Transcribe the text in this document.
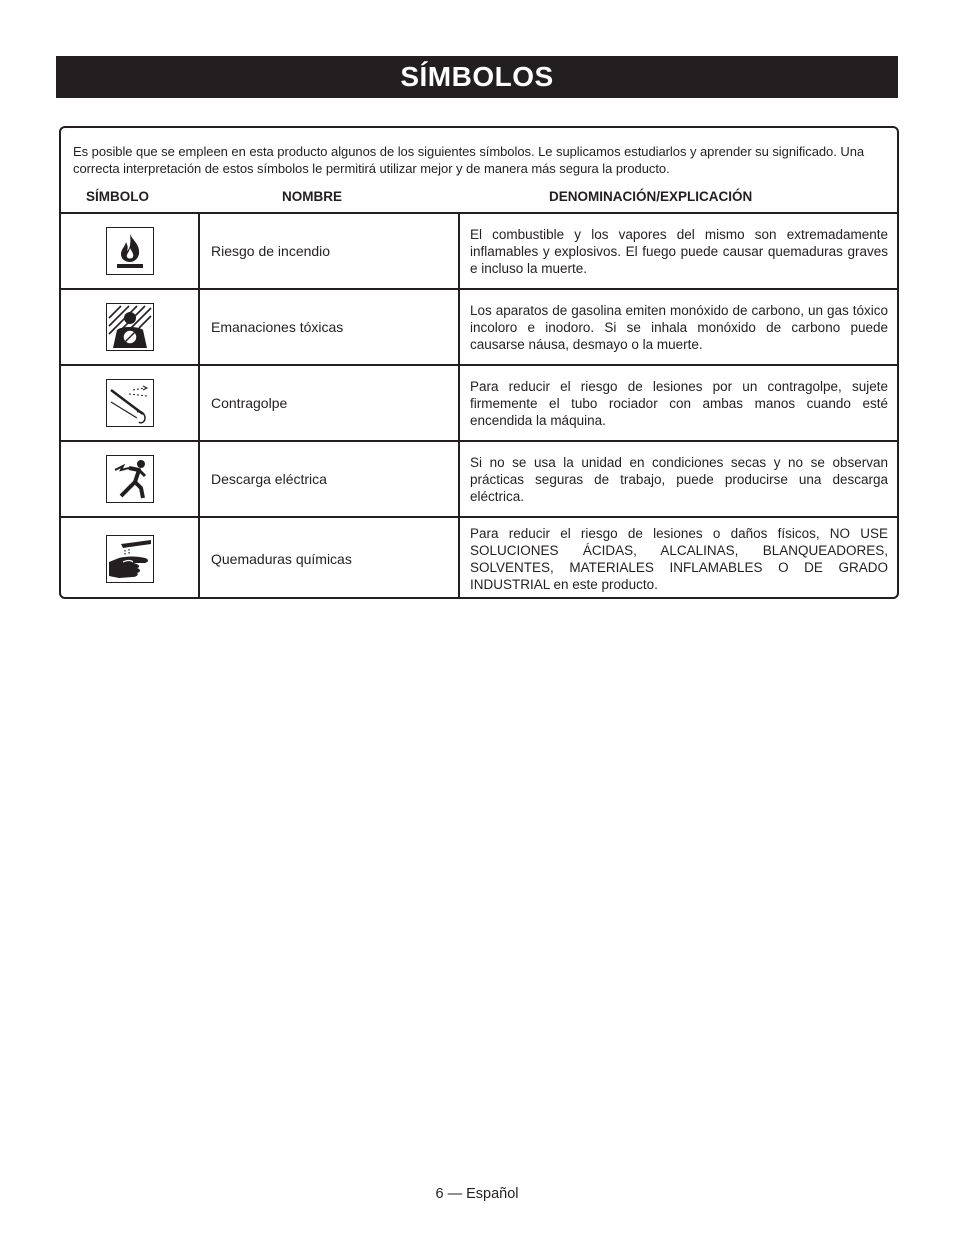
SÍMBOLOS
Es posible que se empleen en esta producto algunos de los siguientes símbolos. Le suplicamos estudiarlos y aprender su significado. Una correcta interpretación de estos símbolos le permitirá utilizar mejor y de manera más segura la producto.
SÍMBOLO	NOMBRE	DENOMINACIÓN/EXPLICACIÓN
	Riesgo de incendio	El combustible y los vapores del mismo son extremadamente inflamables y explosivos. El fuego puede causar quemaduras graves e incluso la muerte.

	Emanaciones tóxicas	Los aparatos de gasolina emiten monóxido de carbono, un gas tóxico incoloro e inodoro. Si se inhala monóxido de carbono puede causarse náusa, desmayo o la muerte.

	Contragolpe	Para reducir el riesgo de lesiones por un contragolpe, sujete firmemente el tubo rociador con ambas manos cuando esté encendida la máquina.

	Descarga eléctrica	Si no se usa la unidad en condiciones secas y no se observan prácticas seguras de trabajo, puede producirse una descarga eléctrica.

	Quemaduras químicas	Para reducir el riesgo de lesiones o daños físicos, NO USE SOLUCIONES ÁCIDAS, ALCALINAS, BLANQUEADORES, SOLVENTES, MATERIALES INFLAMABLES O DE GRADO INDUSTRIAL en este producto.
6 — Español
